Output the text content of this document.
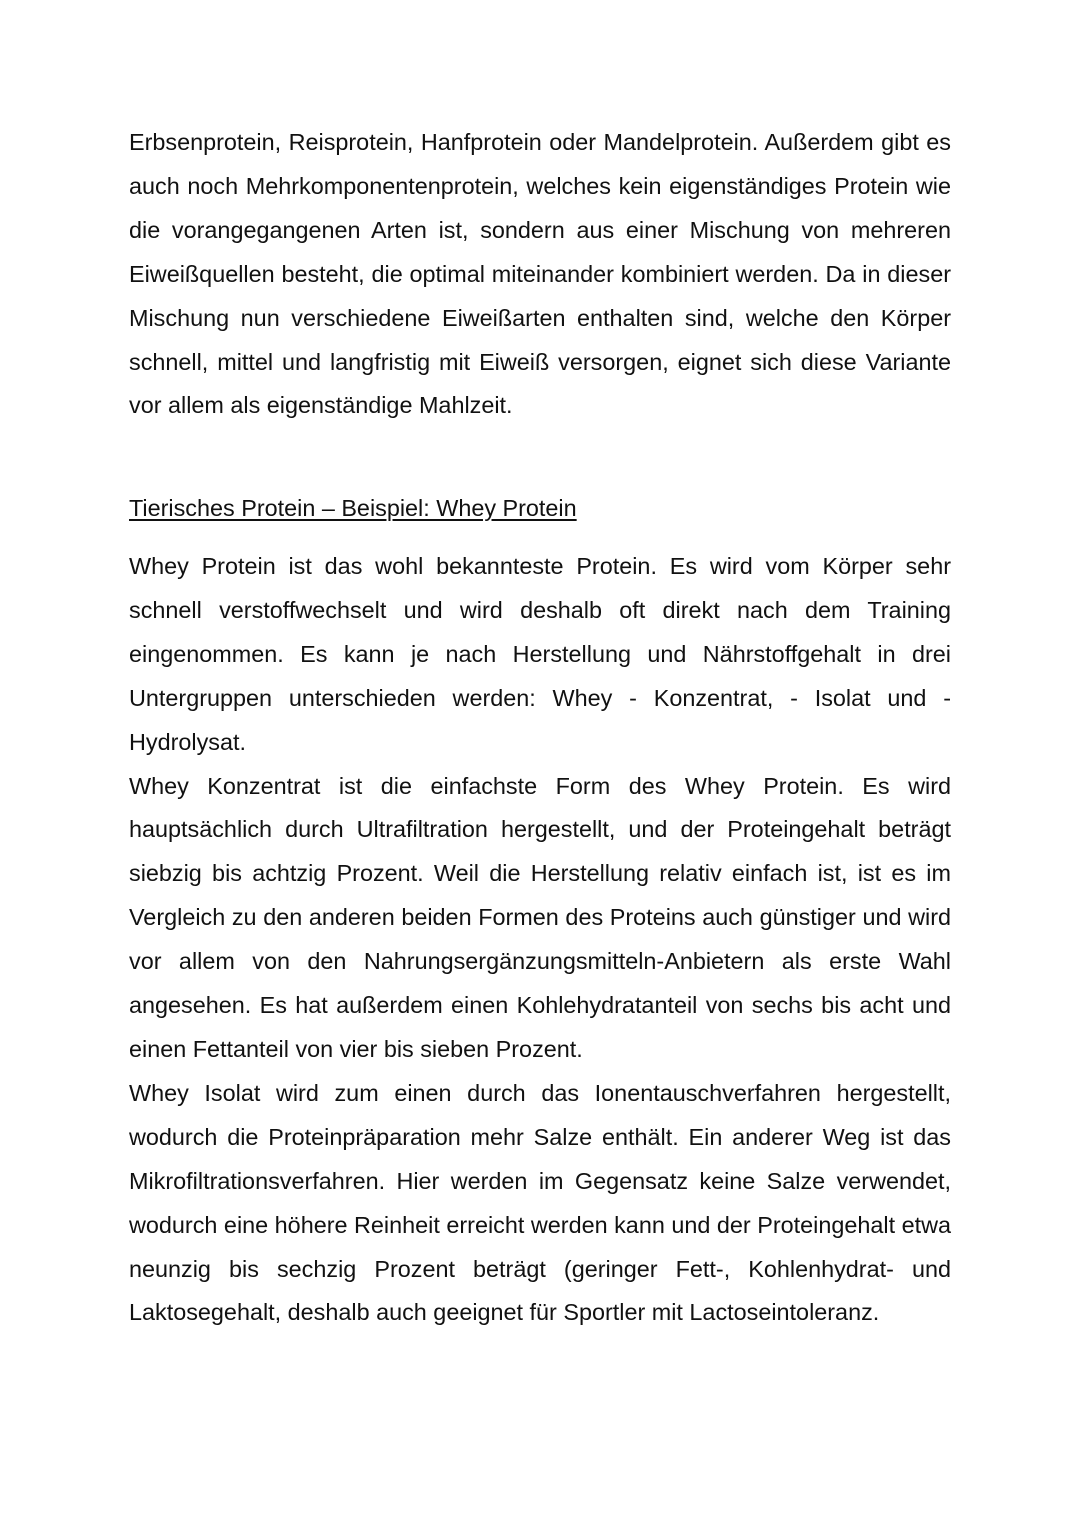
Erbsenprotein, Reisprotein, Hanfprotein oder Mandelprotein. Außerdem gibt es auch noch Mehrkomponentenprotein, welches kein eigenständiges Protein wie die vorangegangenen Arten ist, sondern aus einer Mischung von mehreren Eiweißquellen besteht, die optimal miteinander kombiniert werden. Da in dieser Mischung nun verschiedene Eiweißarten enthalten sind, welche den Körper schnell, mittel und langfristig mit Eiweiß versorgen, eignet sich diese Variante vor allem als eigenständige Mahlzeit.

Tierisches Protein – Beispiel: Whey Protein

Whey Protein ist das wohl bekannteste Protein. Es wird vom Körper sehr schnell verstoffwechselt und wird deshalb oft direkt nach dem Training eingenommen. Es kann je nach Herstellung und Nährstoffgehalt in drei Untergruppen unterschieden werden: Whey - Konzentrat, - Isolat und - Hydrolysat.

Whey Konzentrat ist die einfachste Form des Whey Protein. Es wird hauptsächlich durch Ultrafiltration hergestellt, und der Proteingehalt beträgt siebzig bis achtzig Prozent. Weil die Herstellung relativ einfach ist, ist es im Vergleich zu den anderen beiden Formen des Proteins auch günstiger und wird vor allem von den Nahrungsergänzungsmitteln-Anbietern als erste Wahl angesehen. Es hat außerdem einen Kohlehydratanteil von sechs bis acht und einen Fettanteil von vier bis sieben Prozent.

Whey Isolat wird zum einen durch das Ionentauschverfahren hergestellt, wodurch die Proteinpräparation mehr Salze enthält. Ein anderer Weg ist das Mikrofiltrationsverfahren. Hier werden im Gegensatz keine Salze verwendet, wodurch eine höhere Reinheit erreicht werden kann und der Proteingehalt etwa neunzig bis sechzig Prozent beträgt (geringer Fett-, Kohlenhydrat- und Laktosegehalt, deshalb auch geeignet für Sportler mit Lactoseintoleranz.
